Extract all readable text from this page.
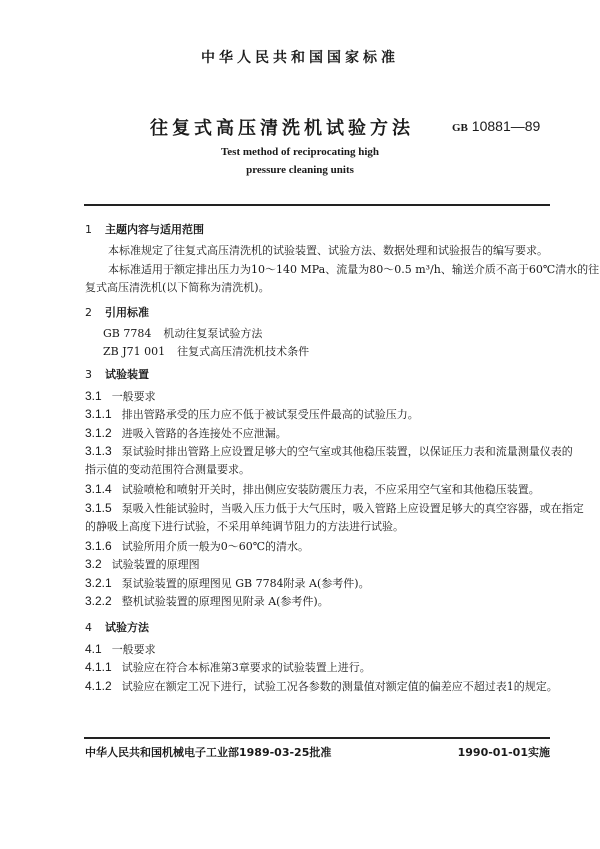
中华人民共和国国家标准
往复式高压清洗机试验方法	GB 10881—89
Test method of reciprocating high
pressure cleaning units
1 主题内容与适用范围
本标准规定了往复式高压清洗机的试验装置、试验方法、数据处理和试验报告的编写要求。
本标准适用于额定排出压力为10～140 MPa、流量为80～0.5 m³/h、输送介质不高于60℃清水的往
复式高压清洗机(以下简称为清洗机)。
2 引用标准
GB 7784 机动往复泵试验方法
ZB J71 001 往复式高压清洗机技术条件
3 试验装置
3.1 一般要求
3.1.1 排出管路承受的压力应不低于被试泵受压件最高的试验压力。
3.1.2 进吸入管路的各连接处不应泄漏。
3.1.3 泵试验时排出管路上应设置足够大的空气室或其他稳压装置，以保证压力表和流量测量仪表的
指示值的变动范围符合测量要求。
3.1.4 试验喷枪和喷射开关时，排出侧应安装防震压力表，不应采用空气室和其他稳压装置。
3.1.5 泵吸入性能试验时，当吸入压力低于大气压时，吸入管路上应设置足够大的真空容器，或在指定
的静吸上高度下进行试验，不采用单纯调节阻力的方法进行试验。
3.1.6 试验所用介质一般为0～60℃的清水。
3.2 试验装置的原理图
3.2.1 泵试验装置的原理图见 GB 7784附录 A(参考件)。
3.2.2 整机试验装置的原理图见附录 A(参考件)。
4 试验方法
4.1 一般要求
4.1.1 试验应在符合本标准第3章要求的试验装置上进行。
4.1.2 试验应在额定工况下进行，试验工况各参数的测量值对额定值的偏差应不超过表1的规定。
中华人民共和国机械电子工业部1989-03-25批准	1990-01-01实施
